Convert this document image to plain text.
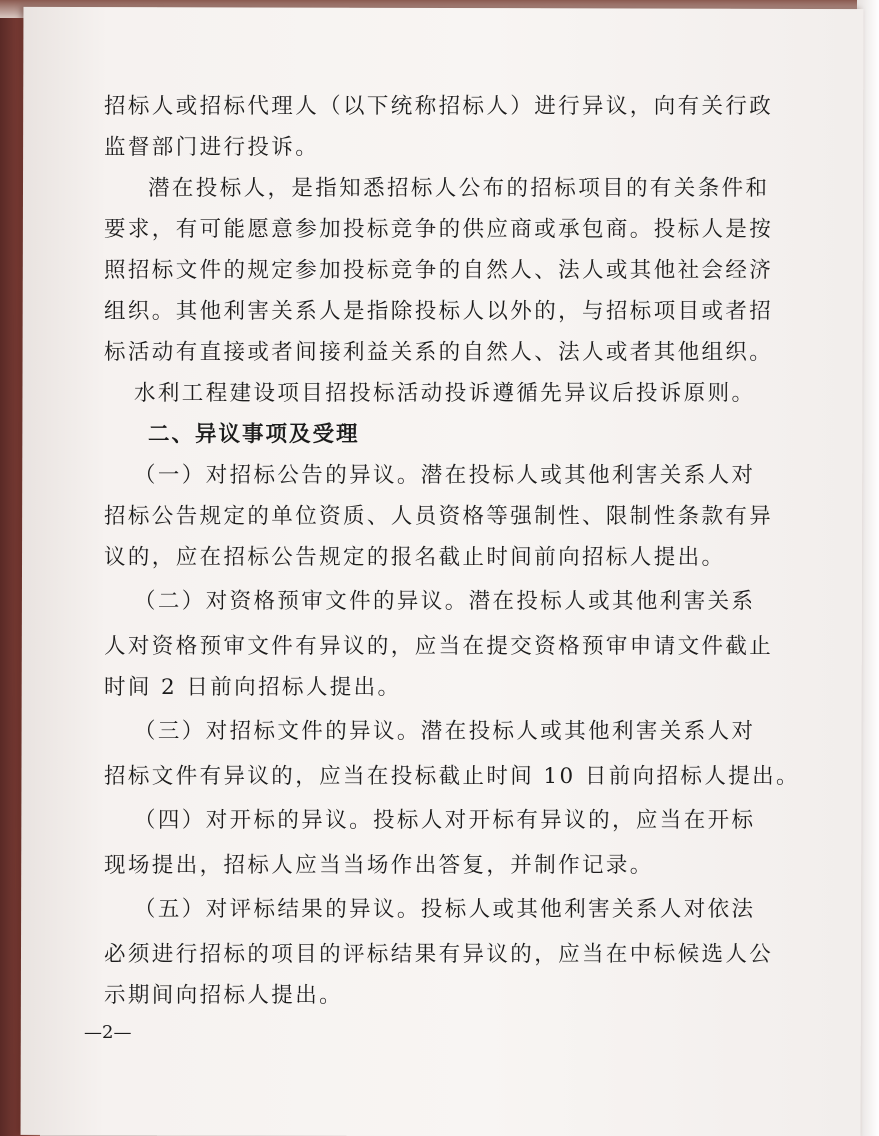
招标人或招标代理人（以下统称招标人）进行异议，向有关行政
监督部门进行投诉。
潜在投标人，是指知悉招标人公布的招标项目的有关条件和
要求，有可能愿意参加投标竞争的供应商或承包商。投标人是按
照招标文件的规定参加投标竞争的自然人、法人或其他社会经济
组织。其他利害关系人是指除投标人以外的，与招标项目或者招
标活动有直接或者间接利益关系的自然人、法人或者其他组织。
水利工程建设项目招投标活动投诉遵循先异议后投诉原则。
二、异议事项及受理
（一）对招标公告的异议。潜在投标人或其他利害关系人对
招标公告规定的单位资质、人员资格等强制性、限制性条款有异
议的，应在招标公告规定的报名截止时间前向招标人提出。
（二）对资格预审文件的异议。潜在投标人或其他利害关系
人对资格预审文件有异议的，应当在提交资格预审申请文件截止
时间 2 日前向招标人提出。
（三）对招标文件的异议。潜在投标人或其他利害关系人对
招标文件有异议的，应当在投标截止时间 10 日前向招标人提出。
（四）对开标的异议。投标人对开标有异议的，应当在开标
现场提出，招标人应当当场作出答复，并制作记录。
（五）对评标结果的异议。投标人或其他利害关系人对依法
必须进行招标的项目的评标结果有异议的，应当在中标候选人公
示期间向招标人提出。
—2—
